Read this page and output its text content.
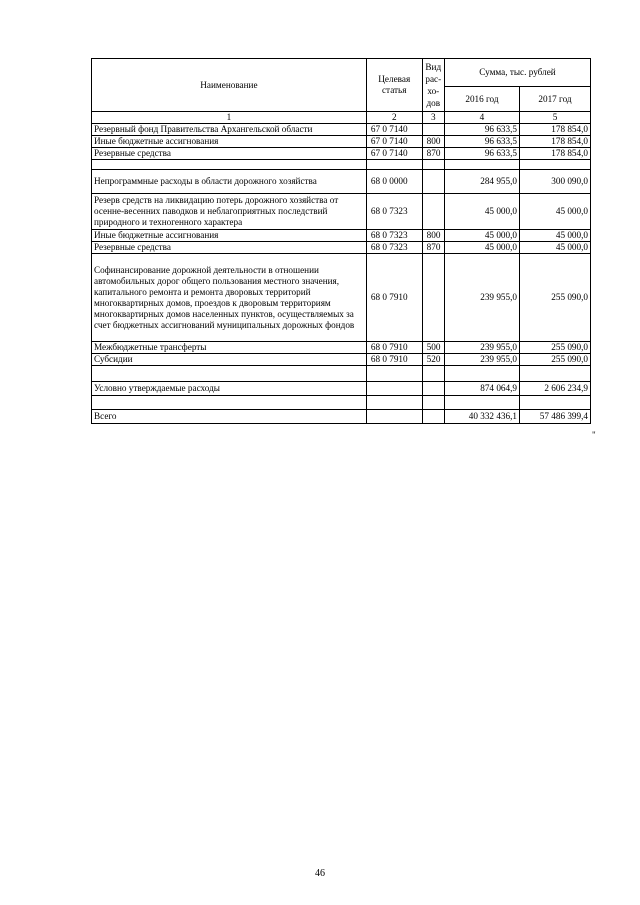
Наименование	Целевая статья	Вид рас-хо-дов	Сумма, тыс. рублей	
			2016 год	2017 год
1	2	3	4	5
Резервный фонд Правительства Архангельской области	67 0 7140		96 633,5	178 854,0
Иные бюджетные ассигнования	67 0 7140	800	96 633,5	178 854,0
Резервные средства	67 0 7140	870	96 633,5	178 854,0

Непрограммные расходы в области дорожного хозяйства	68 0 0000		284 955,0	300 090,0
Резерв средств на ликвидацию потерь дорожного хозяйства от осенне-весенних паводков и неблагоприятных последствий природного и техногенного характера	68 0 7323		45 000,0	45 000,0
Иные бюджетные ассигнования	68 0 7323	800	45 000,0	45 000,0
Резервные средства	68 0 7323	870	45 000,0	45 000,0
Софинансирование дорожной деятельности в отношении автомобильных дорог общего пользования местного значения, капитального ремонта и ремонта дворовых территорий многоквартирных домов, проездов к дворовым территориям многоквартирных домов населенных пунктов, осуществляемых за счет бюджетных ассигнований муниципальных дорожных фондов	68 0 7910		239 955,0	255 090,0
Межбюджетные трансферты	68 0 7910	500	239 955,0	255 090,0
Субсидии	68 0 7910	520	239 955,0	255 090,0

Условно утверждаемые расходы			874 064,9	2 606 234,9

Всего			40 332 436,1	57 486 399,4
"
46
